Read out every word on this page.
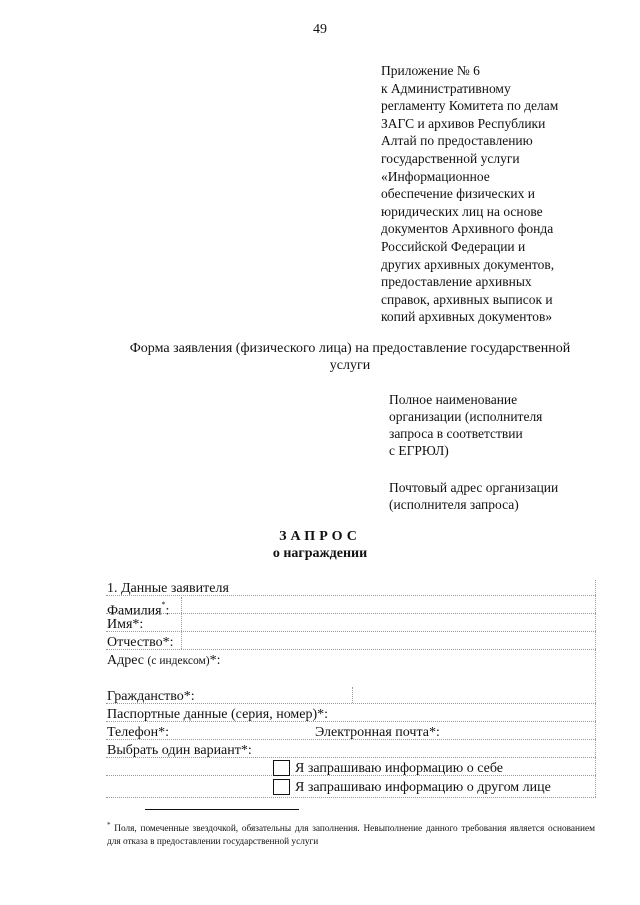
49
Приложение № 6
к Административному
регламенту Комитета по делам
ЗАГС и архивов Республики
Алтай по предоставлению
государственной услуги
«Информационное
обеспечение физических и
юридических лиц на основе
документов Архивного фонда
Российской Федерации и
других архивных документов,
предоставление архивных
справок, архивных выписок и
копий архивных документов»
Форма заявления (физического лица) на предоставление государственной
услуги
Полное наименование
организации (исполнителя
запроса в соответствии
с ЕГРЮЛ)
Почтовый адрес организации
(исполнителя запроса)
ЗАПРОС
о награждении
1. Данные заявителя
Фамилия*:
Имя*:
Отчество*:
Адрес (с индексом)*:
Гражданство*:
Паспортные данные (серия, номер)*:
Телефон*:	Электронная почта*:
Выбрать один вариант*:
Я запрашиваю информацию о себе
Я запрашиваю информацию о другом лице
* Поля, помеченные звездочкой, обязательны для заполнения. Невыполнение данного требования является основанием для отказа в предоставлении государственной услуги
